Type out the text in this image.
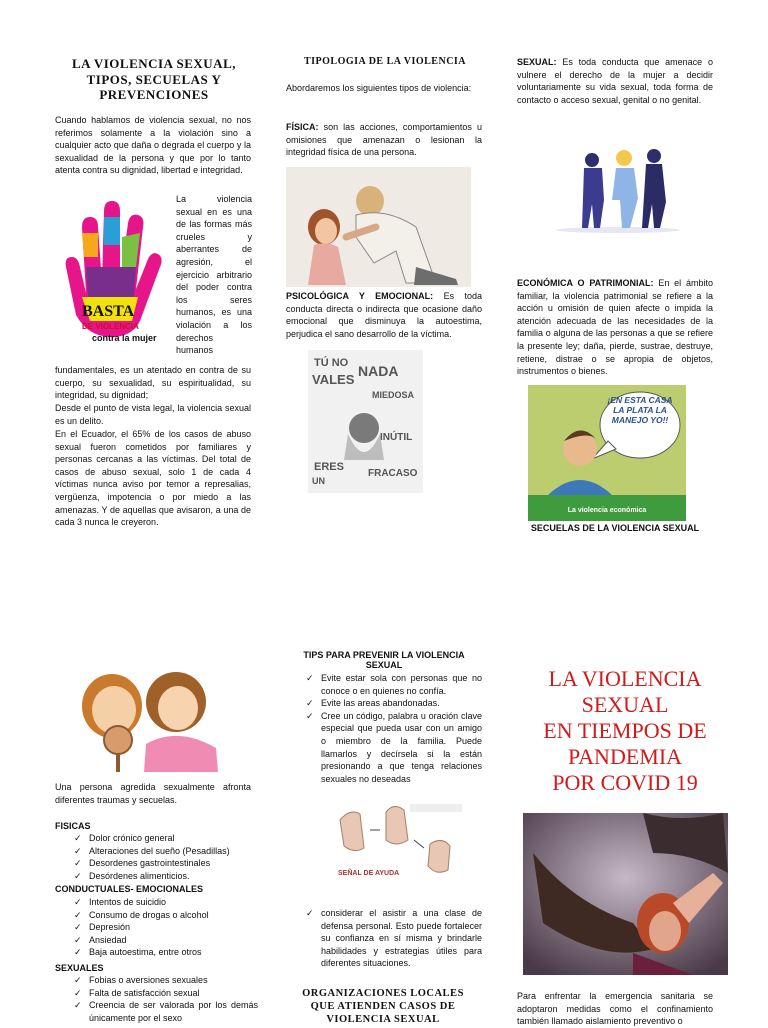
LA VIOLENCIA SEXUAL, TIPOS, SECUELAS Y PREVENCIONES
Cuando hablamos de violencia sexual, no nos referimos solamente a la violación sino a cualquier acto que daña o degrada el cuerpo y la sexualidad de la persona y que por lo tanto atenta contra su dignidad, libertad e integridad.
BASTA
DE VIOLENCIA
contra la mujer
La violencia sexual en es una de las formas más crueles y aberrantes de agresión, el ejercicio arbitrario del poder contra los seres humanos, es una violación a los derechos humanos
fundamentales, es un atentado en contra de su cuerpo, su sexualidad, su espiritualidad, su integridad, su dignidad;
Desde el punto de vista legal, la violencia sexual es un delito.
En el Ecuador, el 65% de los casos de abuso sexual fueron cometidos por familiares y personas cercanas a las víctimas. Del total de casos de abuso sexual, solo 1 de cada 4 víctimas nunca aviso por temor a represalias, vergüenza, impotencia o por miedo a las amenazas. Y de aquellas que avisaron, a una de cada 3 nunca le creyeron.
TIPOLOGIA DE LA VIOLENCIA
Abordaremos los siguientes tipos de violencia:
FÍSICA: son las acciones, comportamientos u omisiones que amenazan o lesionan la integridad física de una persona.
PSICOLÓGICA Y EMOCIONAL: Es toda conducta directa o indirecta que ocasione daño emocional que disminuya la autoestima, perjudica el sano desarrollo de la víctima.
TÚ NO
VALES
NADA
MIEDOSA
ERES
UN
FRACASO
INÚTIL
SEXUAL: Es toda conducta que amenace o vulnere el derecho de la mujer a decidir voluntariamente su vida sexual, toda forma de contacto o acceso sexual, genital o no genital.
ECONÓMICA O PATRIMONIAL: En el ámbito familiar, la violencia patrimonial se refiere a la acción u omisión de quien afecte o impida la atención adecuada de las necesidades de la familia o alguna de las personas a que se refiere la presente ley; daña, pierde, sustrae, destruye, retiene, distrae o se apropia de objetos, instrumentos o bienes.
¡EN ESTA CASA LA PLATA LA MANEJO YO!!
La violencia económica
SECUELAS DE LA VIOLENCIA SEXUAL
Una persona agredida sexualmente afronta diferentes traumas y secuelas.
FISICAS
✓ Dolor crónico general
✓ Alteraciones del sueño (Pesadillas)
✓ Desordenes gastrointestinales
✓ Desórdenes alimenticios.
CONDUCTUALES- EMOCIONALES
✓ Intentos de suicidio
✓ Consumo de drogas o alcohol
✓ Depresión
✓ Ansiedad
✓ Baja autoestima, entre otros
SEXUALES
✓ Fobias o aversiones sexuales
✓ Falta de satisfacción sexual
✓ Creencia de ser valorada por los demás únicamente por el sexo
TIPS PARA PREVENIR LA VIOLENCIA SEXUAL
✓ Evite estar sola con personas que no conoce o en quienes no confía.
✓ Evite las areas abandonadas.
✓ Cree un código, palabra u oración clave especial que pueda usar con un amigo o miembro de la familia. Puede llamarlos y decírsela si la están presionando a que tenga relaciones sexuales no deseadas
SEÑAL DE AYUDA
✓ considerar el asistir a una clase de defensa personal. Esto puede fortalecer su confianza en sí misma y brindarle habilidades y estrategias útiles para diferentes situaciones.
ORGANIZACIONES LOCALES QUE ATIENDEN CASOS DE VIOLENCIA SEXUAL
LA VIOLENCIA
SEXUAL
EN TIEMPOS DE
PANDEMIA
POR COVID 19
Para enfrentar la emergencia sanitaria se adoptaron medidas como el confinamiento también llamado aislamiento preventivo o
